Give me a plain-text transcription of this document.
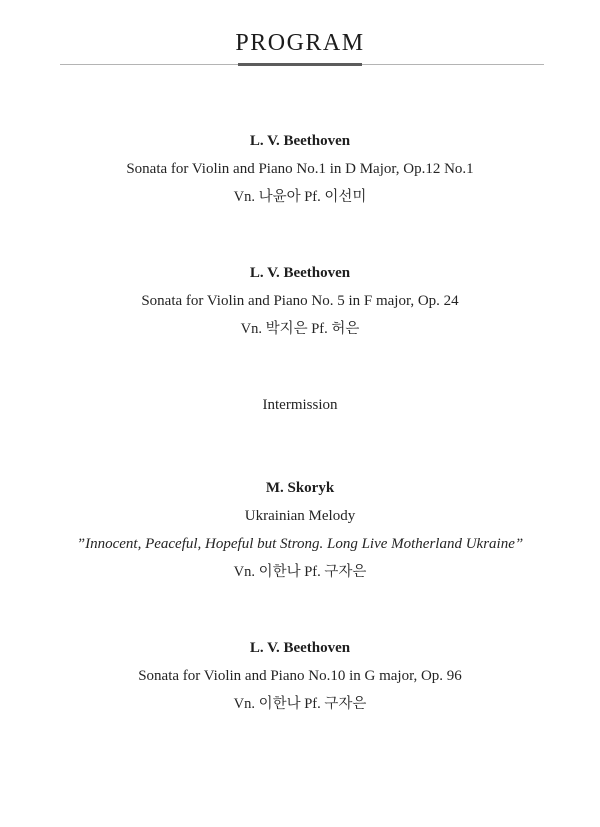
PROGRAM

L. V. Beethoven

Sonata for Violin and Piano No.1 in D Major, Op.12 No.1

Vn. 나윤아 Pf. 이선미

L. V. Beethoven

Sonata for Violin and Piano No. 5 in F major, Op. 24

Vn. 박지은 Pf. 허은

Intermission

M. Skoryk

Ukrainian Melody

”Innocent, Peaceful, Hopeful but Strong. Long Live Motherland Ukraine”

Vn. 이한나 Pf. 구자은

L. V. Beethoven

Sonata for Violin and Piano No.10 in G major, Op. 96

Vn. 이한나 Pf. 구자은
